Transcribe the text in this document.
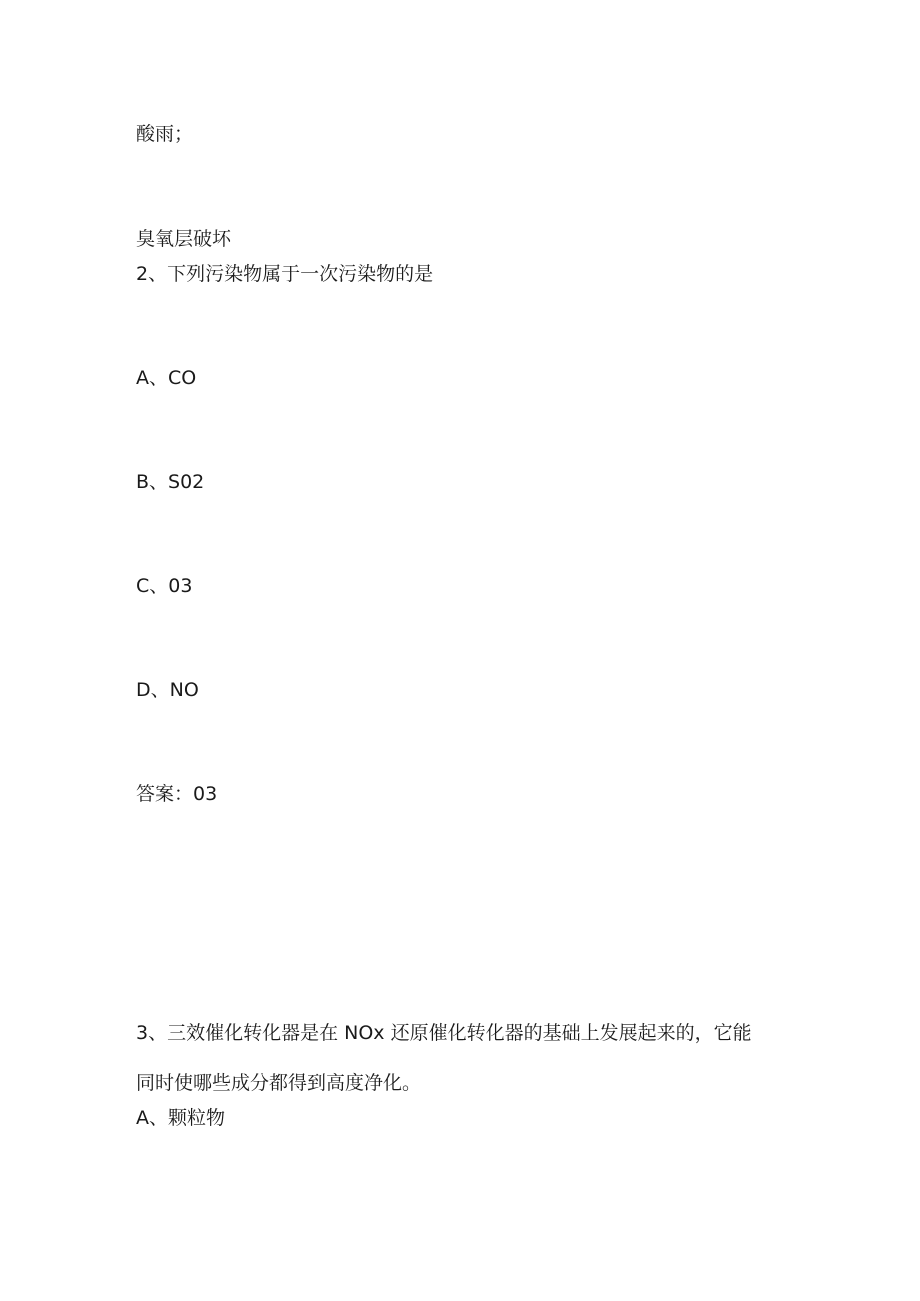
酸雨；
臭氧层破坏
2、下列污染物属于一次污染物的是
A、CO
B、S02
C、03
D、NO
答案：03
3、三效催化转化器是在 NOx 还原催化转化器的基础上发展起来的，它能
同时使哪些成分都得到高度净化。
A、颗粒物
